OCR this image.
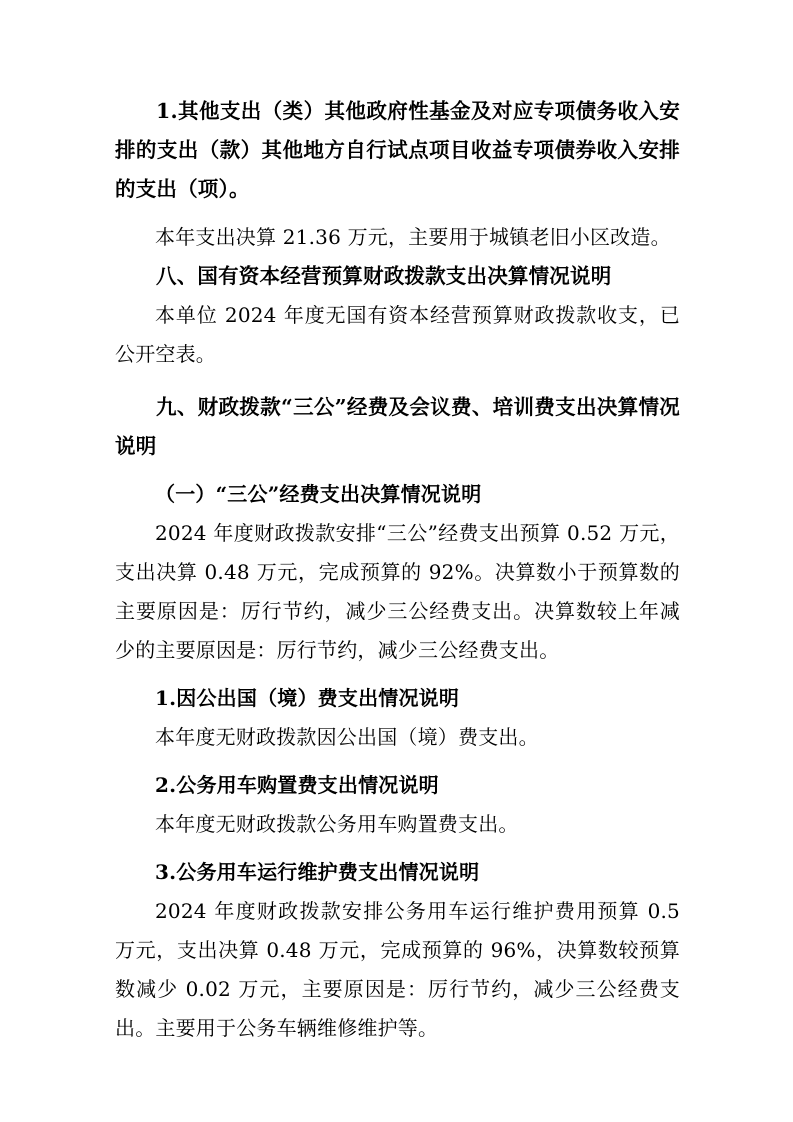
1.其他支出（类）其他政府性基金及对应专项债务收入安排的支出（款）其他地方自行试点项目收益专项债券收入安排的支出（项）。

本年支出决算 21.36 万元，主要用于城镇老旧小区改造。

八、国有资本经营预算财政拨款支出决算情况说明

本单位 2024 年度无国有资本经营预算财政拨款收支，已公开空表。

九、财政拨款“三公”经费及会议费、培训费支出决算情况说明

（一）“三公”经费支出决算情况说明

2024 年度财政拨款安排“三公”经费支出预算 0.52 万元，支出决算 0.48 万元，完成预算的 92%。决算数小于预算数的主要原因是：厉行节约，减少三公经费支出。决算数较上年减少的主要原因是：厉行节约，减少三公经费支出。

1.因公出国（境）费支出情况说明

本年度无财政拨款因公出国（境）费支出。

2.公务用车购置费支出情况说明

本年度无财政拨款公务用车购置费支出。

3.公务用车运行维护费支出情况说明

2024 年度财政拨款安排公务用车运行维护费用预算 0.5 万元，支出决算 0.48 万元，完成预算的 96%，决算数较预算数减少 0.02 万元，主要原因是：厉行节约，减少三公经费支出。主要用于公务车辆维修维护等。
